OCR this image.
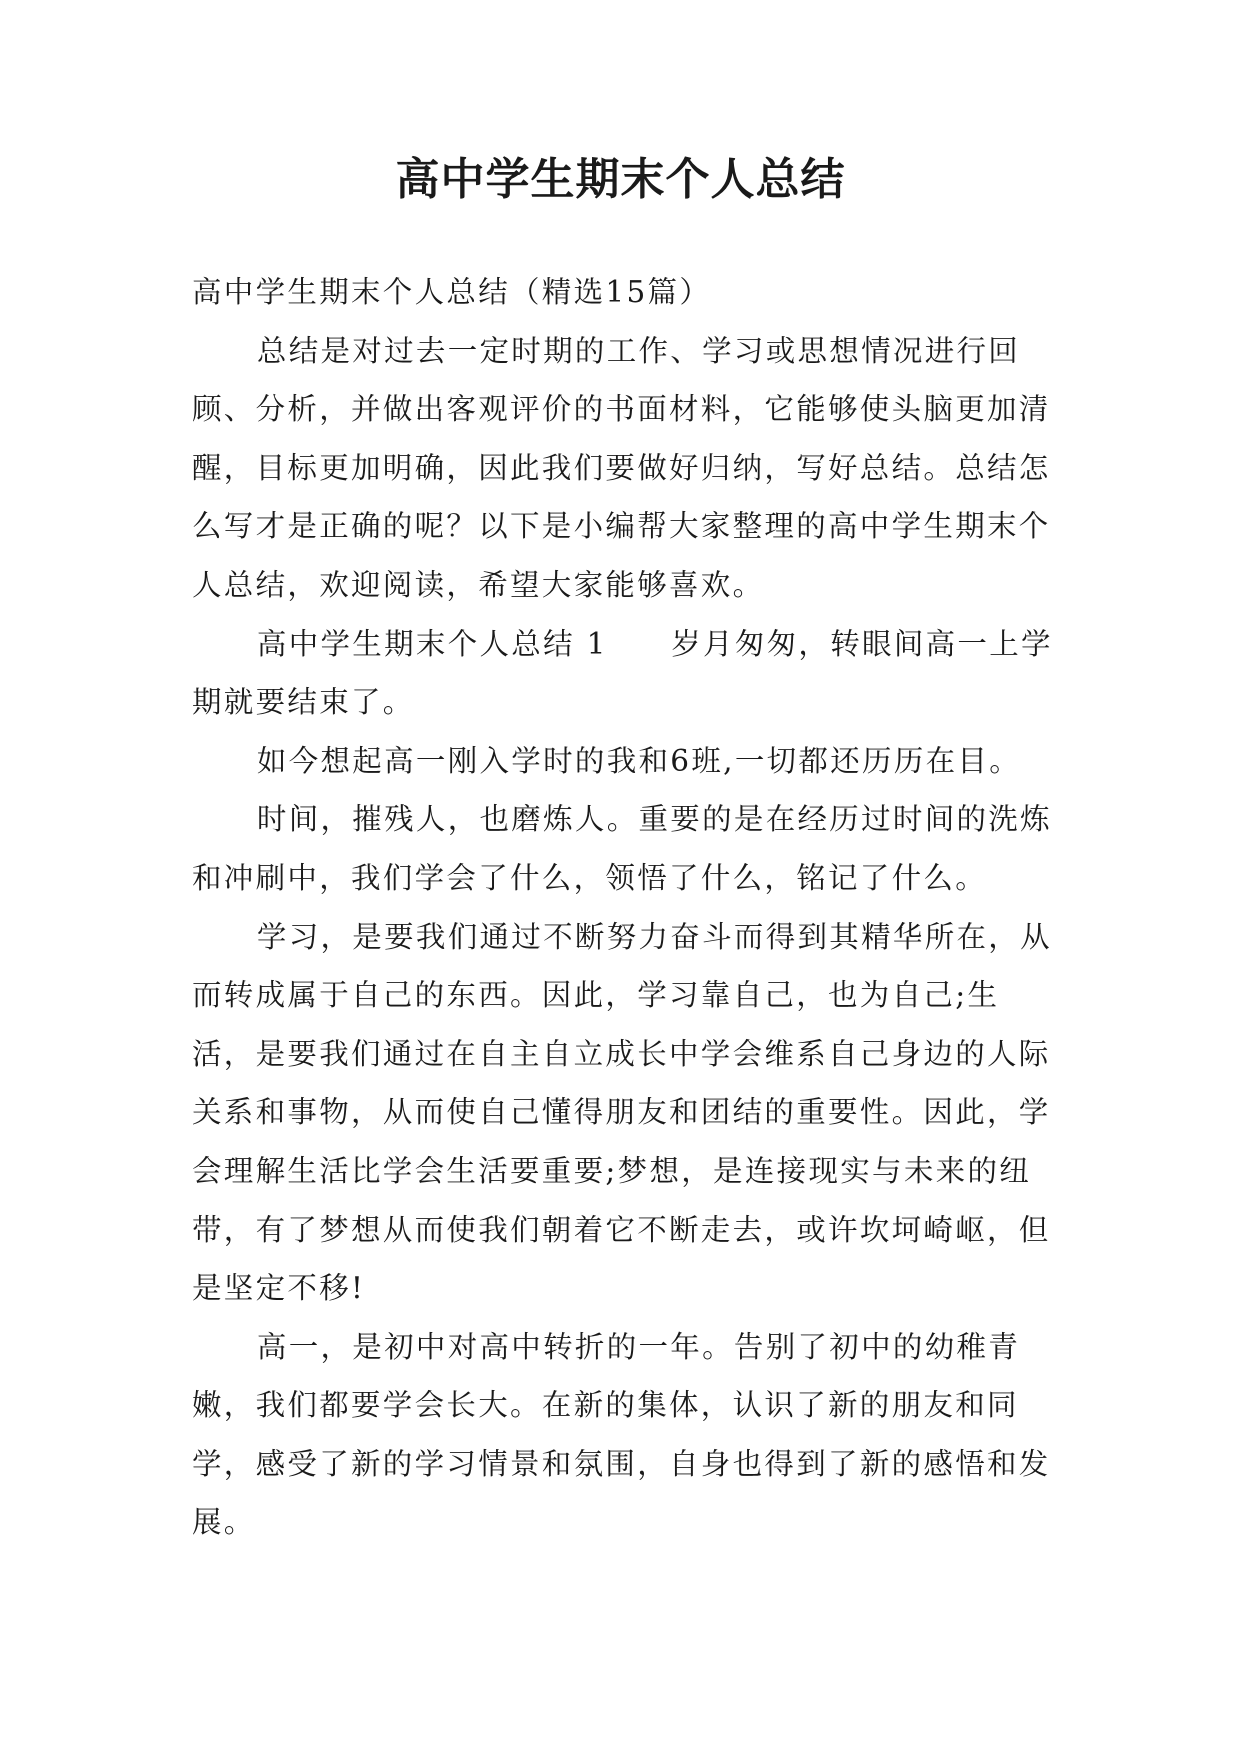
高中学生期末个人总结

高中学生期末个人总结（精选15篇）

总结是对过去一定时期的工作、学习或思想情况进行回顾、分析，并做出客观评价的书面材料，它能够使头脑更加清醒，目标更加明确，因此我们要做好归纳，写好总结。总结怎么写才是正确的呢？以下是小编帮大家整理的高中学生期末个人总结，欢迎阅读，希望大家能够喜欢。

高中学生期末个人总结 1　　岁月匆匆，转眼间高一上学期就要结束了。

如今想起高一刚入学时的我和6班,一切都还历历在目。

时间，摧残人，也磨炼人。重要的是在经历过时间的洗炼和冲刷中，我们学会了什么，领悟了什么，铭记了什么。

学习，是要我们通过不断努力奋斗而得到其精华所在，从而转成属于自己的东西。因此，学习靠自己，也为自己;生活，是要我们通过在自主自立成长中学会维系自己身边的人际关系和事物，从而使自己懂得朋友和团结的重要性。因此，学会理解生活比学会生活要重要;梦想，是连接现实与未来的纽带，有了梦想从而使我们朝着它不断走去，或许坎坷崎岖，但是坚定不移!

高一，是初中对高中转折的一年。告别了初中的幼稚青嫩，我们都要学会长大。在新的集体，认识了新的朋友和同学，感受了新的学习情景和氛围，自身也得到了新的感悟和发展。
